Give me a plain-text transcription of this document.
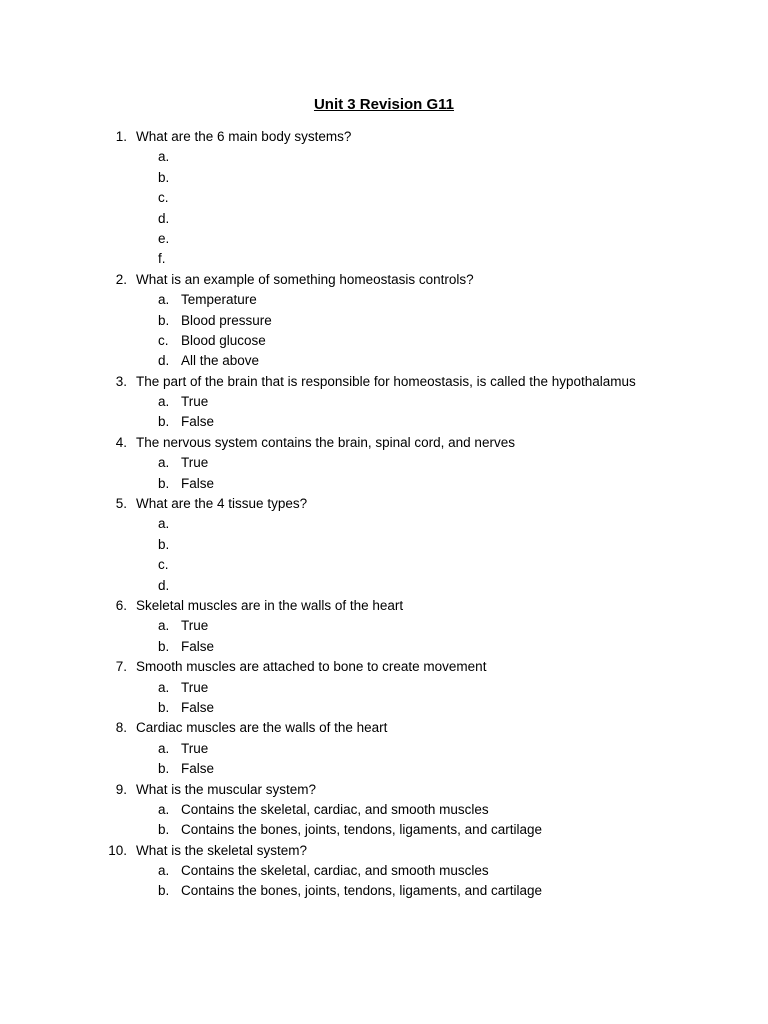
Unit 3 Revision G11
1. What are the 6 main body systems?
a.
b.
c.
d.
e.
f.
2. What is an example of something homeostasis controls?
a. Temperature
b. Blood pressure
c. Blood glucose
d. All the above
3. The part of the brain that is responsible for homeostasis, is called the hypothalamus
a. True
b. False
4. The nervous system contains the brain, spinal cord, and nerves
a. True
b. False
5. What are the 4 tissue types?
a.
b.
c.
d.
6. Skeletal muscles are in the walls of the heart
a. True
b. False
7. Smooth muscles are attached to bone to create movement
a. True
b. False
8. Cardiac muscles are the walls of the heart
a. True
b. False
9. What is the muscular system?
a. Contains the skeletal, cardiac, and smooth muscles
b. Contains the bones, joints, tendons, ligaments, and cartilage
10. What is the skeletal system?
a. Contains the skeletal, cardiac, and smooth muscles
b. Contains the bones, joints, tendons, ligaments, and cartilage
